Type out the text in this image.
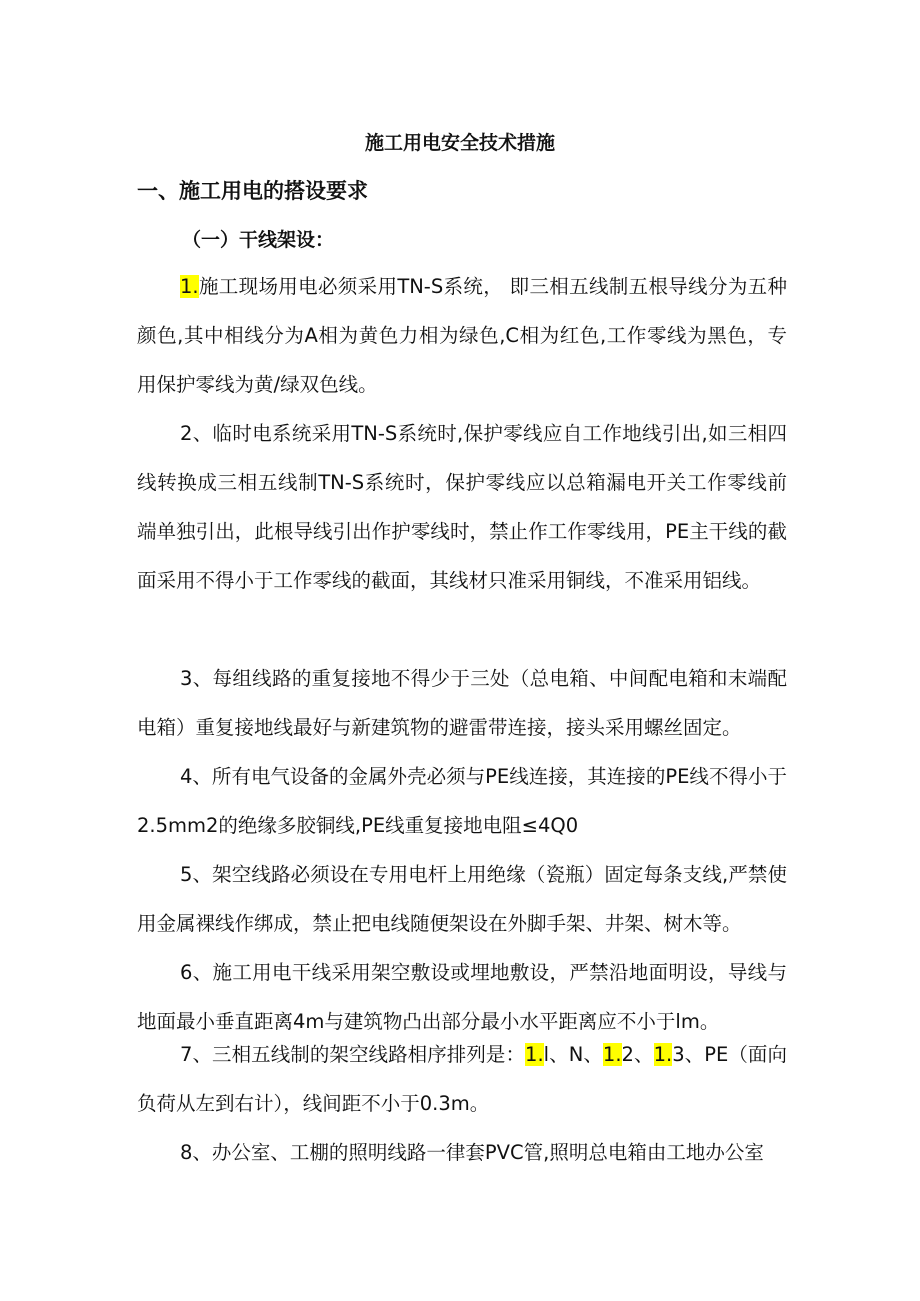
施工用电安全技术措施
一、施工用电的搭设要求
（一）干线架设：

1.施工现场用电必须采用TN-S系统， 即三相五线制五根导线分为五种颜色,其中相线分为A相为黄色力相为绿色,C相为红色,工作零线为黑色，专用保护零线为黄/绿双色线。

2、临时电系统采用TN-S系统时,保护零线应自工作地线引出,如三相四线转换成三相五线制TN-S系统时，保护零线应以总箱漏电开关工作零线前端单独引出，此根导线引出作护零线时，禁止作工作零线用，PE主干线的截面采用不得小于工作零线的截面，其线材只准采用铜线，不准采用铝线。

3、每组线路的重复接地不得少于三处（总电箱、中间配电箱和末端配电箱）重复接地线最好与新建筑物的避雷带连接，接头采用螺丝固定。

4、所有电气设备的金属外壳必须与PE线连接，其连接的PE线不得小于2.5mm2的绝缘多胶铜线,PE线重复接地电阻≤4Q0

5、架空线路必须设在专用电杆上用绝缘（瓷瓶）固定每条支线,严禁使用金属裸线作绑成，禁止把电线随便架设在外脚手架、井架、树木等。

6、施工用电干线采用架空敷设或埋地敷设，严禁沿地面明设，导线与地面最小垂直距离4m与建筑物凸出部分最小水平距离应不小于lm。

7、三相五线制的架空线路相序排列是：1.l、N、1.2、1.3、PE（面向负荷从左到右计），线间距不小于0.3m。

8、办公室、工棚的照明线路一律套PVC管,照明总电箱由工地办公室
